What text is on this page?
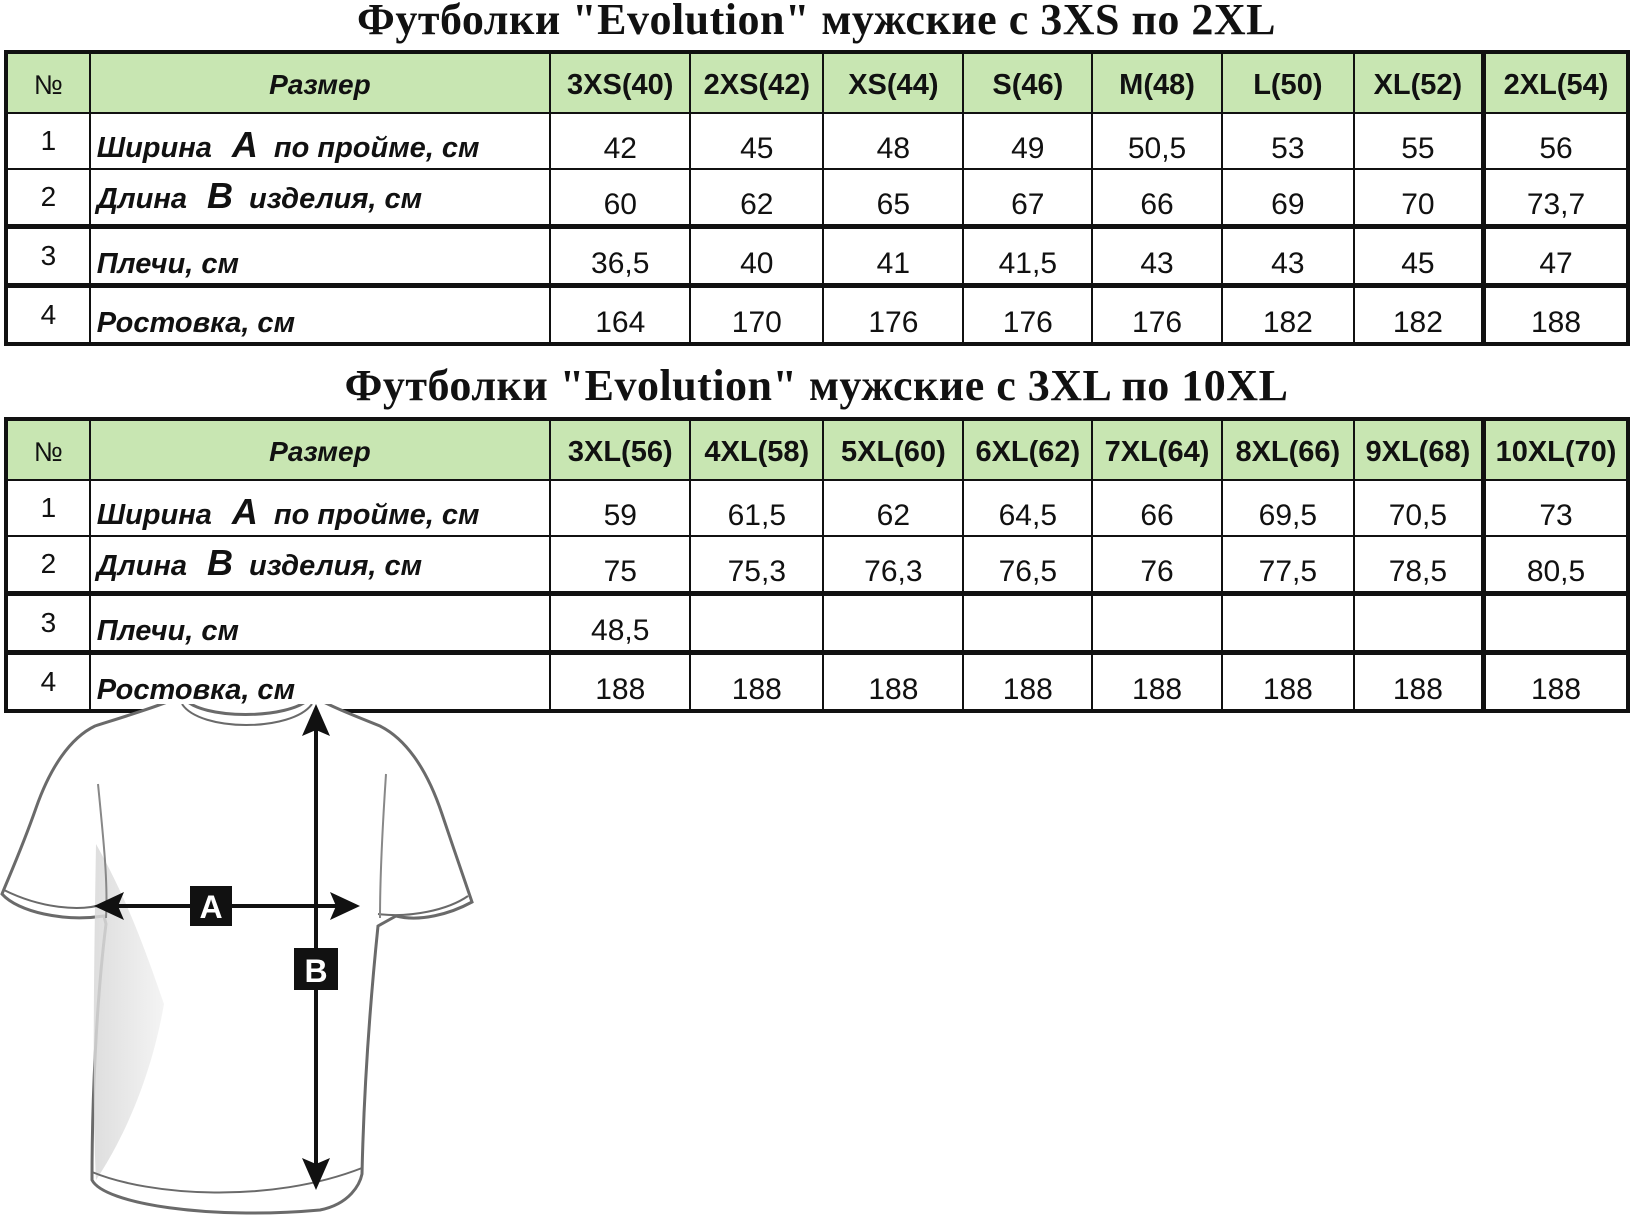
Футболки "Evolution" мужские с 3XS по 2XL
№	Размер	3XS(40)	2XS(42)	XS(44)	S(46)	M(48)	L(50)	XL(52)	2XL(54)
1	Ширина А по пройме, см	42	45	48	49	50,5	53	55	56
2	Длина В изделия, см	60	62	65	67	66	69	70	73,7
3	Плечи, см	36,5	40	41	41,5	43	43	45	47
4	Ростовка, см	164	170	176	176	176	182	182	188
Футболки "Evolution" мужские с 3XL по 10XL
№	Размер	3XL(56)	4XL(58)	5XL(60)	6XL(62)	7XL(64)	8XL(66)	9XL(68)	10XL(70)
1	Ширина А по пройме, см	59	61,5	62	64,5	66	69,5	70,5	73
2	Длина В изделия, см	75	75,3	76,3	76,5	76	77,5	78,5	80,5
3	Плечи, см	48,5							
4	Ростовка, см	188	188	188	188	188	188	188	188
A
B
